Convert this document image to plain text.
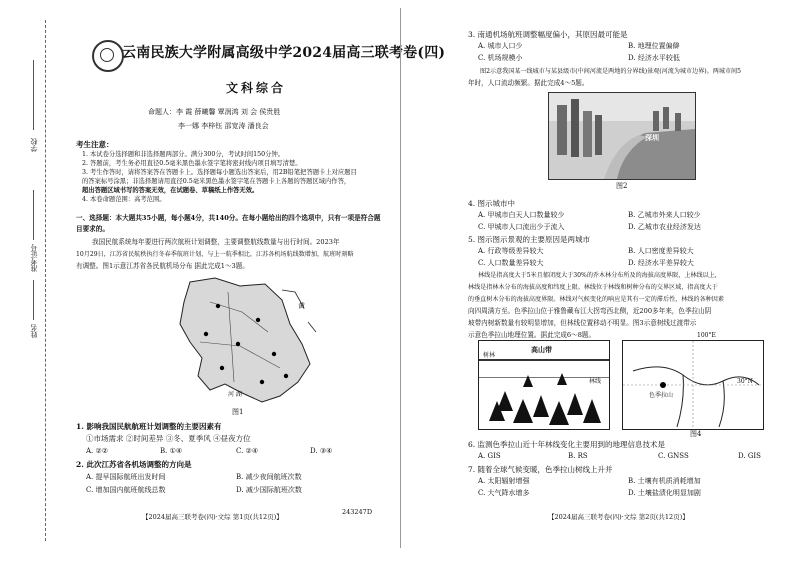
学校
准考证号
姓名
云南民族大学附属高级中学2024届高三联考卷(四)
文科综合
命题人：李 霞 薛曦馨 覃润鸿 刘 会 侯贵胜
李一娜 李梓钰 邵宽涛 潘良会
考生注意：
1. 本试卷分选择题和非选择题两部分。满分300分，考试时间150分钟。
2. 答题前，考生务必用直径0.5毫米黑色墨水签字笔将密封线内项目填写清楚。
3. 考生作答时，请将答案答在答题卡上。选择题每小题选出答案后，用2B铅笔把答题卡上对应题目
的答案标号涂黑；非选择题请用直径0.5毫米黑色墨水签字笔在答题卡上各题的答题区域内作答，
超出答题区域书写的答案无效，在试题卷、草稿纸上作答无效。
4. 本卷命题范围：高考范围。
一、选择题：本大题共35小题，每小题4分，共140分。在每小题给出的四个选项中，只有一项是符合题
目要求的。
我国民航系统每年要进行两次航班计划调整，主要调整航线数量与出行时间。2023年
10月29日，江苏省民航秩执行冬春季航班计划，与上一航季相比，江苏各机场航线数增加，航班时刻略
有调整。图1示意江苏省各民航机场分布 据此完成1～3题。
黄
河 湖
图1
1. 影响我国民航航班计划调整的主要因素有
①市场需求 ②时间差异 ③冬、夏季风 ④昼夜方位
A. ②②	B. ①④	C. ②④	D. ③④
2. 此次江苏省各机场调整的方向是
A. 提早国际航班出发时间	B. 减少夜间航班次数
C. 增加国内航班航线总数	D. 减少国际航班次数
【2024届高三联考卷(四)·文综 第1页(共12页)】
243247D
3. 南通机场航班调整幅度偏小，其原因最可能是
A. 城市人口少	B. 地理位置偏僻
C. 机场规模小	D. 经济水平较低
图2示意我国某一线城市与某县级市(中间河流是两地的分界线)景观(河流为城市边界)。两城市间5
年时，人口流动频繁。据此完成4～5题。
深圳
图2
4. 图示城市中
A. 甲城市白天人口数量较少	B. 乙城市外来人口较少
C. 甲城市人口流出少于流入	D. 乙城市农业经济发达
5. 图示图示景观的主要原因是两城市
A. 行政等级差异较大	B. 人口密度差异较大
C. 人口数量差异较大	D. 经济水平差异较大
林线是指高度大于5米且郁闭度大于30%的乔木林分布所及的海拔高度界限，上林线以上，
林线是指林木分布的海拔高度和纬度上限。林线位于林线和树种分布的交界区域，指高度大于
的垂直树木分布的海拔高度界限。林线对气候变化的响应是其有一定的滞后性，林线的各种因素
向四周满方至。色季拉山位于雅鲁藏布江大拐弯西北侧，近200多年来，色季拉山阴
坡带内树新数量有较明显增加，但林线位置移动不明显。图3示意树线过渡带示
示意色季拉山地理位置。据此完成6～8题。
高山带
树林
林线
100°E
30°N
色季拉山
图4
6. 监测色季拉山近十年林线变化主要用到的地理信息技术是
A. GIS	B. RS	C. GNSS	D. GIS
7. 随着全球气候变暖，色季拉山树线上升并
A. 太阳辐射增强	B. 土壤有机质消耗增加
C. 大气降水增多	D. 土壤盐渍化明显加剧
【2024届高三联考卷(四)·文综 第2页(共12页)】
